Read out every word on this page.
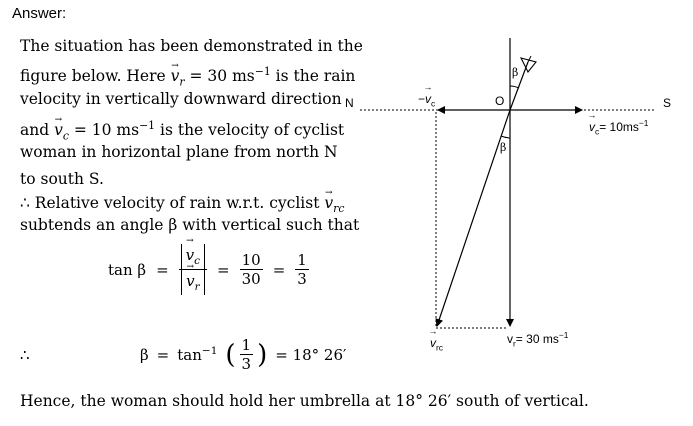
Answer:
The situation has been demonstrated in the
figure below. Here → $v_r = 30$ $ms^{-1}$ is the rain
velocity in vertically downward direction
and → $v_c = 10$ $ms^{-1}$ is the velocity of cyclist
woman in horizontal plane from north N
to south S.
∴ Relative velocity of rain w.r.t. cyclist → $v_{rc}$
subtends an angle β with vertical such that
tan β =
→ $v_c$
→ $v_r = \frac{10}{30} = \frac{1}{3}$
∴	$\beta = \tan^{-1}$ ( $\frac{1}{3}$ ) = 18° 26′
Hence, the woman should hold her umbrella at 18° 26′ south of vertical.
N	S
O
β
β
−→ $v_c$
→ $v_c= 10ms^{-1}$
$v_r= 30$ $ms^{-1}$
→ $v_{rc}$
